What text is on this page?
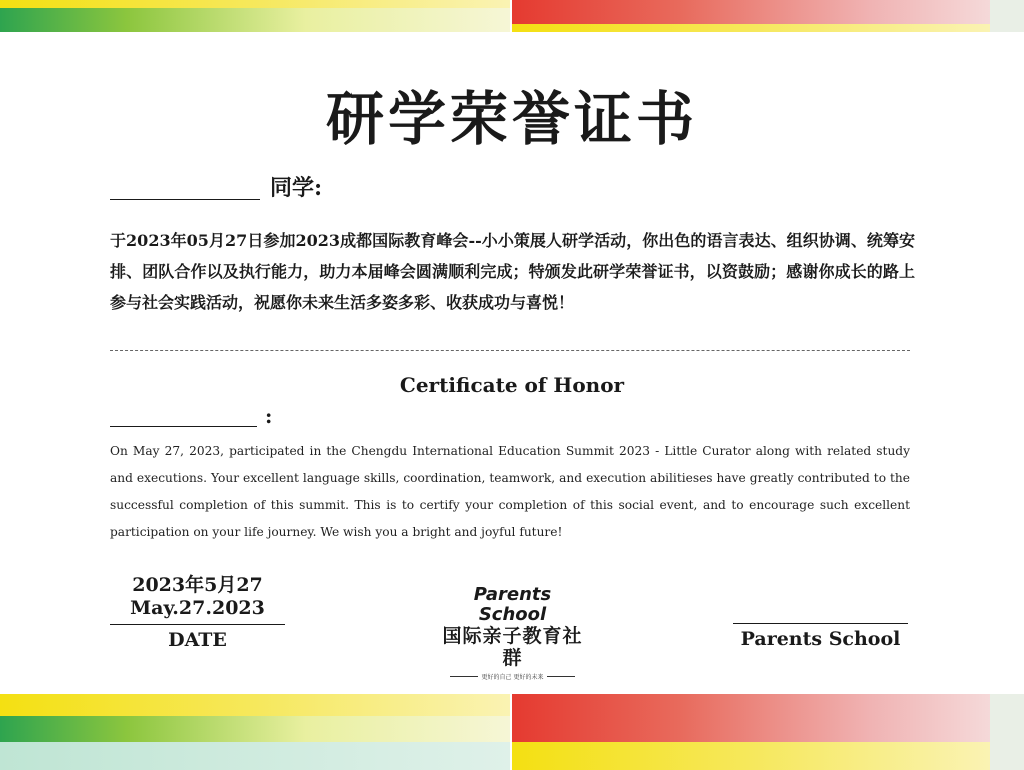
研学荣誉证书
同学:
于2023年05月27日参加2023成都国际教育峰会--小小策展人研学活动，你出色的语言表达、组织协调、统筹安排、团队合作以及执行能力，助力本届峰会圆满顺利完成；特颁发此研学荣誉证书，以资鼓励；感谢你成长的路上参与社会实践活动，祝愿你未来生活多姿多彩、收获成功与喜悦！
Certificate of Honor
:
On May 27, 2023, participated in the Chengdu International Education Summit 2023 - Little Curator along with related study and executions. Your excellent language skills, coordination, teamwork, and execution abilitieses have greatly contributed to the successful completion of this summit. This is to certify your completion of this social event, and to encourage such excellent participation on your life journey. We wish you a bright and joyful future!
2023年5月27
May.27.2023
DATE
Parents School
国际亲子教育社群
更好的自己 更好的未来
Parents School
